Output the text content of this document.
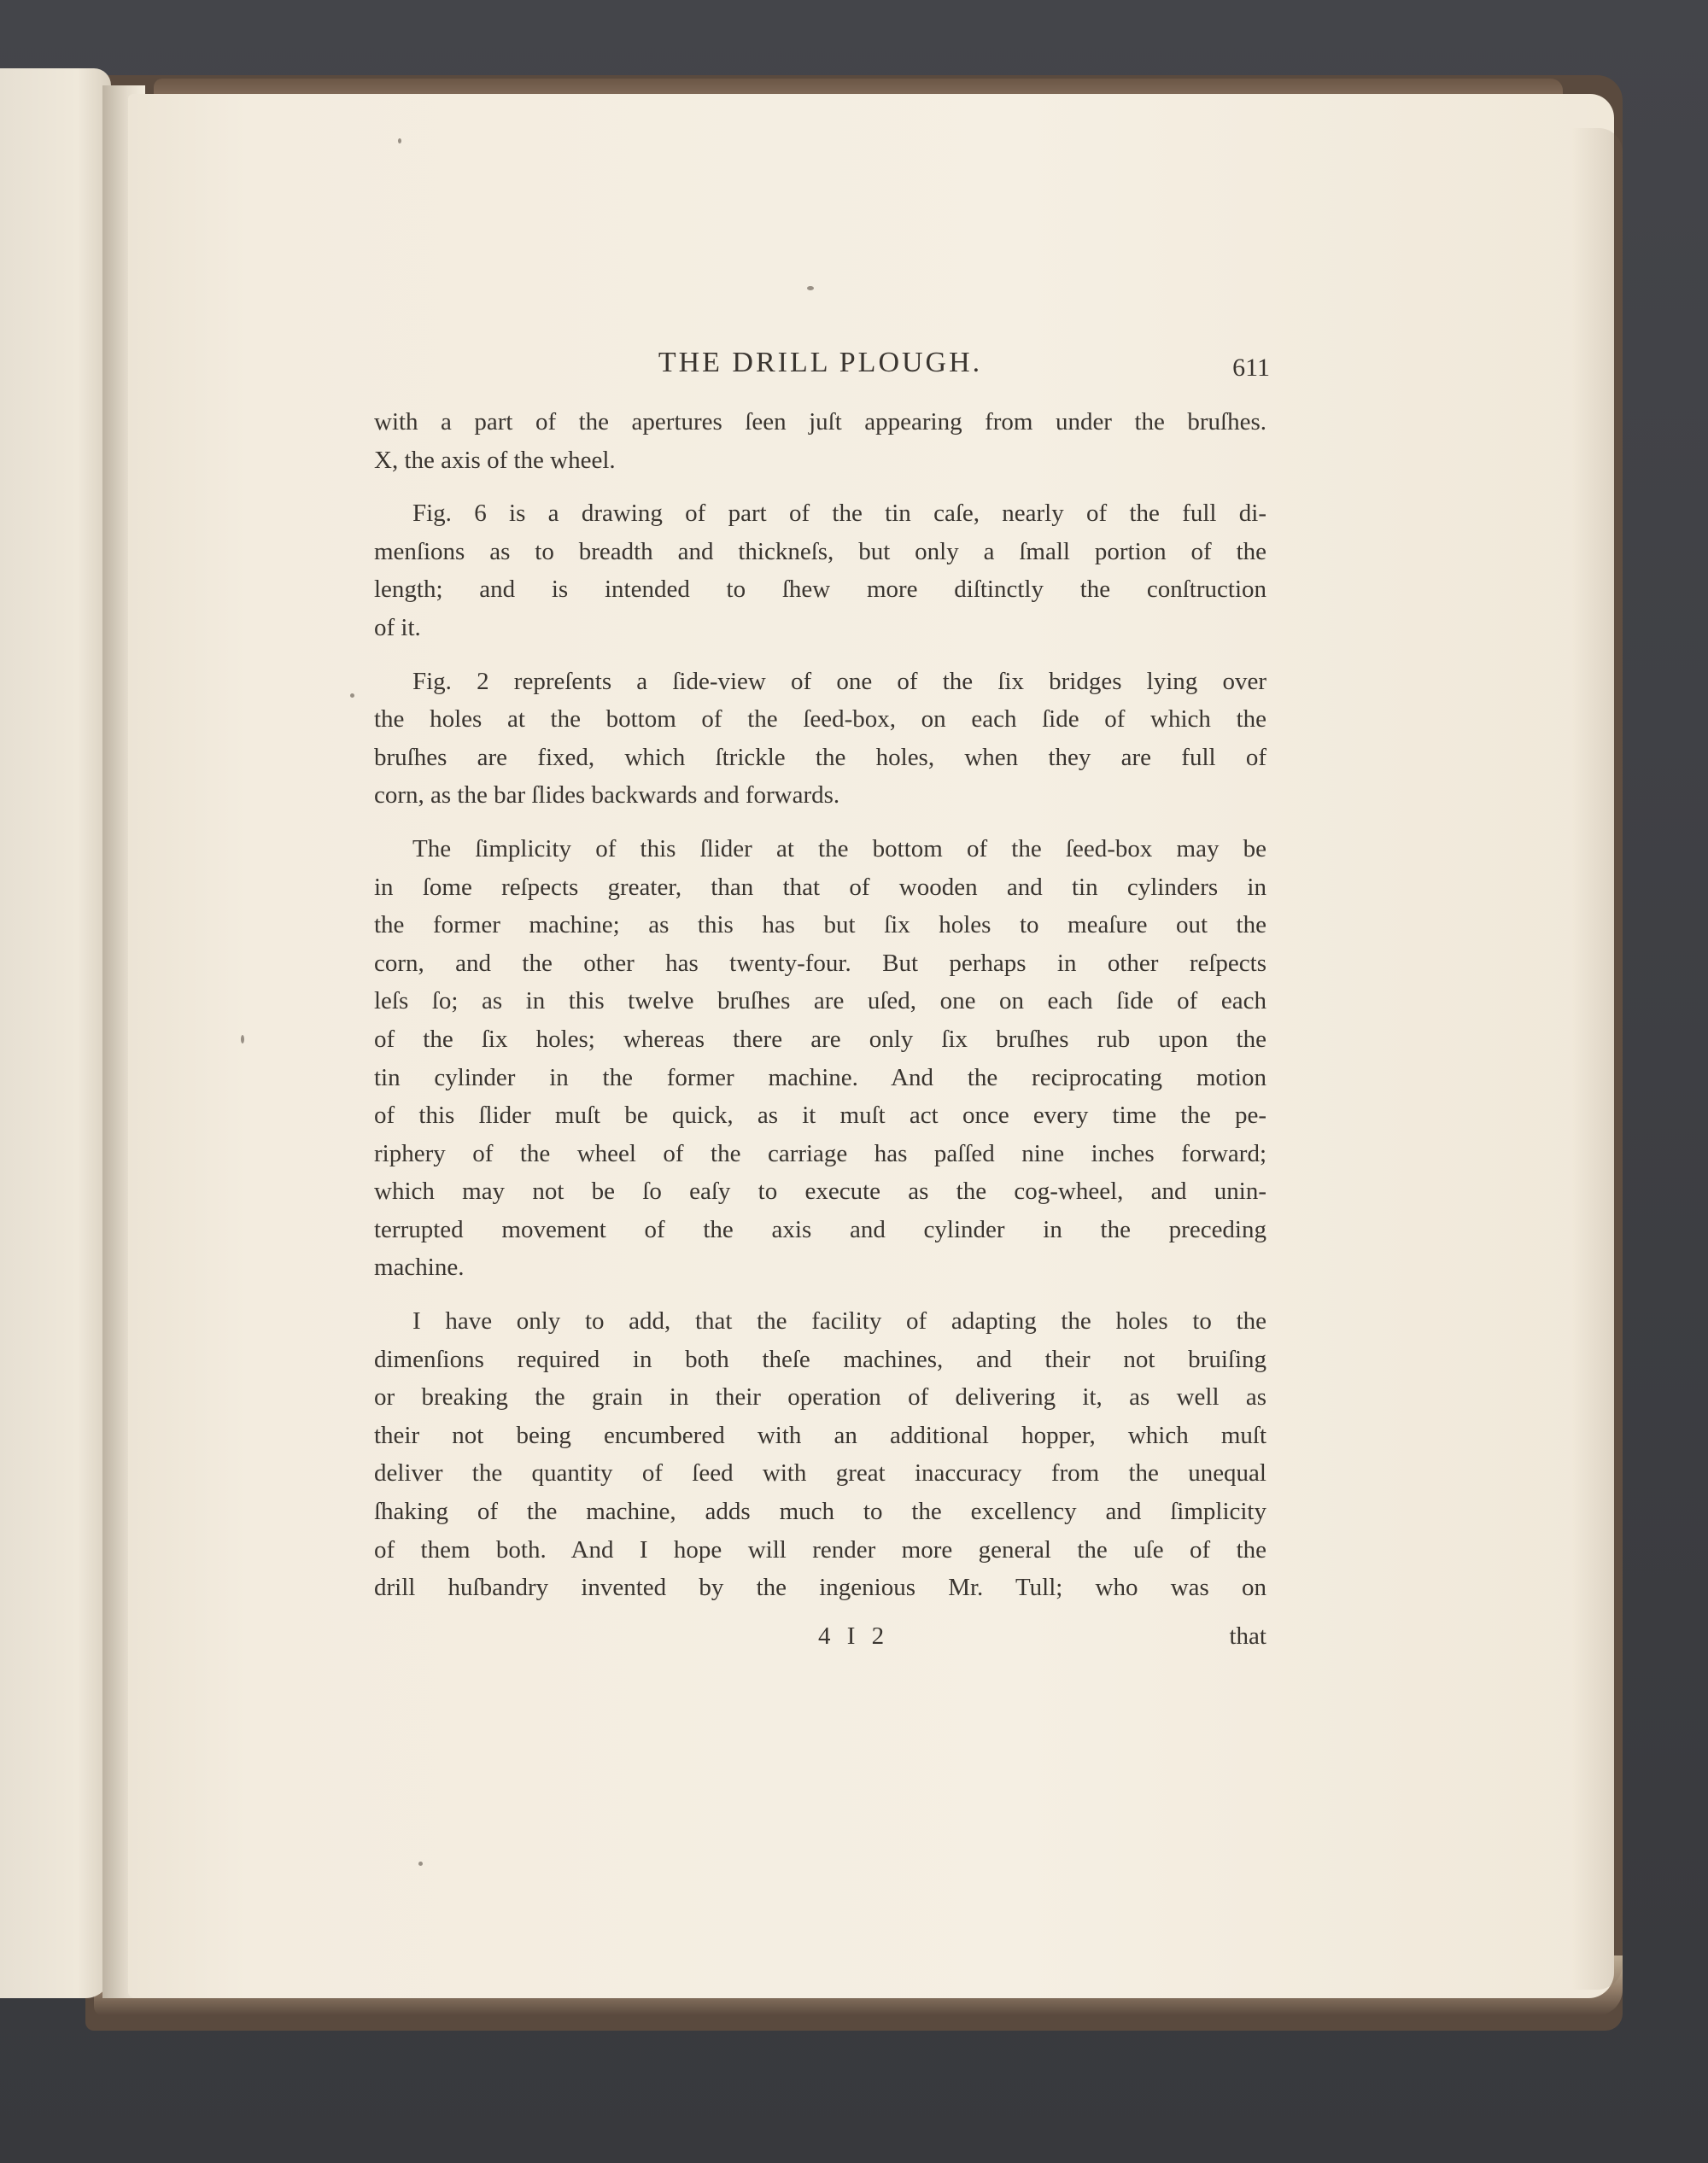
THE DRILL PLOUGH.	611
with a part of the apertures ſeen juſt appearing from under the bruſhes.
X, the axis of the wheel.
Fig. 6 is a drawing of part of the tin caſe, nearly of the full di-
menſions as to breadth and thickneſs, but only a ſmall portion of the
length; and is intended to ſhew more diſtinctly the conſtruction
of it.
Fig. 2 repreſents a ſide-view of one of the ſix bridges lying over
the holes at the bottom of the ſeed-box, on each ſide of which the
bruſhes are fixed, which ſtrickle the holes, when they are full of
corn, as the bar ſlides backwards and forwards.
The ſimplicity of this ſlider at the bottom of the ſeed-box may be
in ſome reſpects greater, than that of wooden and tin cylinders in
the former machine; as this has but ſix holes to meaſure out the
corn, and the other has twenty-four. But perhaps in other reſpects
leſs ſo; as in this twelve bruſhes are uſed, one on each ſide of each
of the ſix holes; whereas there are only ſix bruſhes rub upon the
tin cylinder in the former machine. And the reciprocating motion
of this ſlider muſt be quick, as it muſt act once every time the pe-
riphery of the wheel of the carriage has paſſed nine inches forward;
which may not be ſo eaſy to execute as the cog-wheel, and unin-
terrupted movement of the axis and cylinder in the preceding
machine.
I have only to add, that the facility of adapting the holes to the
dimenſions required in both theſe machines, and their not bruiſing
or breaking the grain in their operation of delivering it, as well as
their not being encumbered with an additional hopper, which muſt
deliver the quantity of ſeed with great inaccuracy from the unequal
ſhaking of the machine, adds much to the excellency and ſimplicity
of them both. And I hope will render more general the uſe of the
drill huſbandry invented by the ingenious Mr. Tull; who was on
4 I 2	that
